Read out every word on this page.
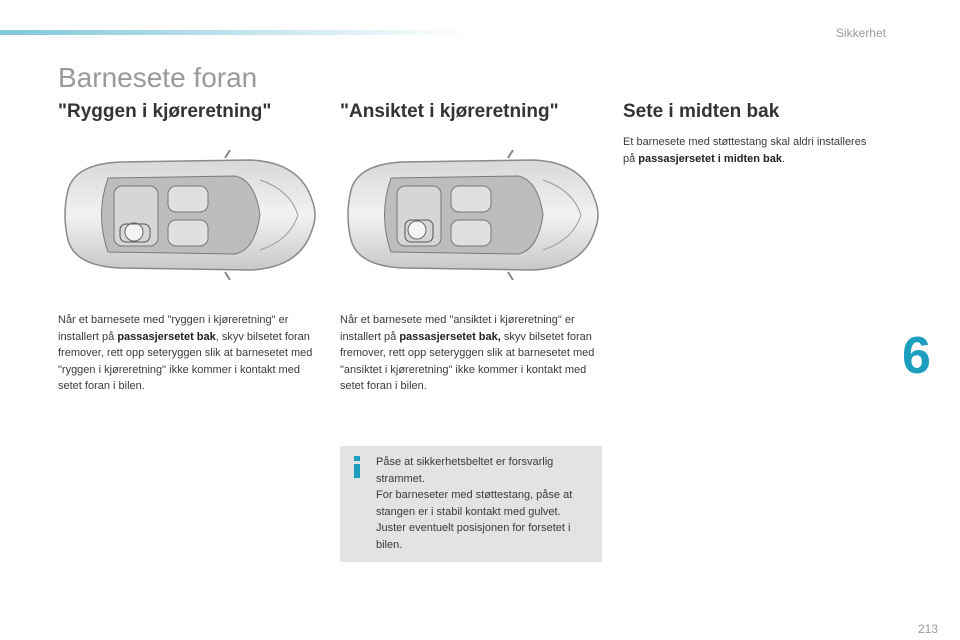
Sikkerhet
Barnesete foran
"Ryggen i kjøreretning"	"Ansiktet i kjøreretning"	Sete i midten bak

Når et barnesete med "ryggen i kjøreretning" er installert på passasjersetet bak, skyv bilsetet foran fremover, rett opp seteryggen slik at barnesetet med "ryggen i kjøreretning" ikke kommer i kontakt med setet foran i bilen.

Når et barnesete med "ansiktet i kjøreretning" er installert på passasjersetet bak, skyv bilsetet foran fremover, rett opp seteryggen slik at barnesetet med "ansiktet i kjøreretning" ikke kommer i kontakt med setet foran i bilen.

Et barnesete med støttestang skal aldri installeres på passasjersetet i midten bak.

Påse at sikkerhetsbeltet er forsvarlig strammet.
For barneseter med støttestang, påse at stangen er i stabil kontakt med gulvet. Juster eventuelt posisjonen for forsetet i bilen.
6
213
